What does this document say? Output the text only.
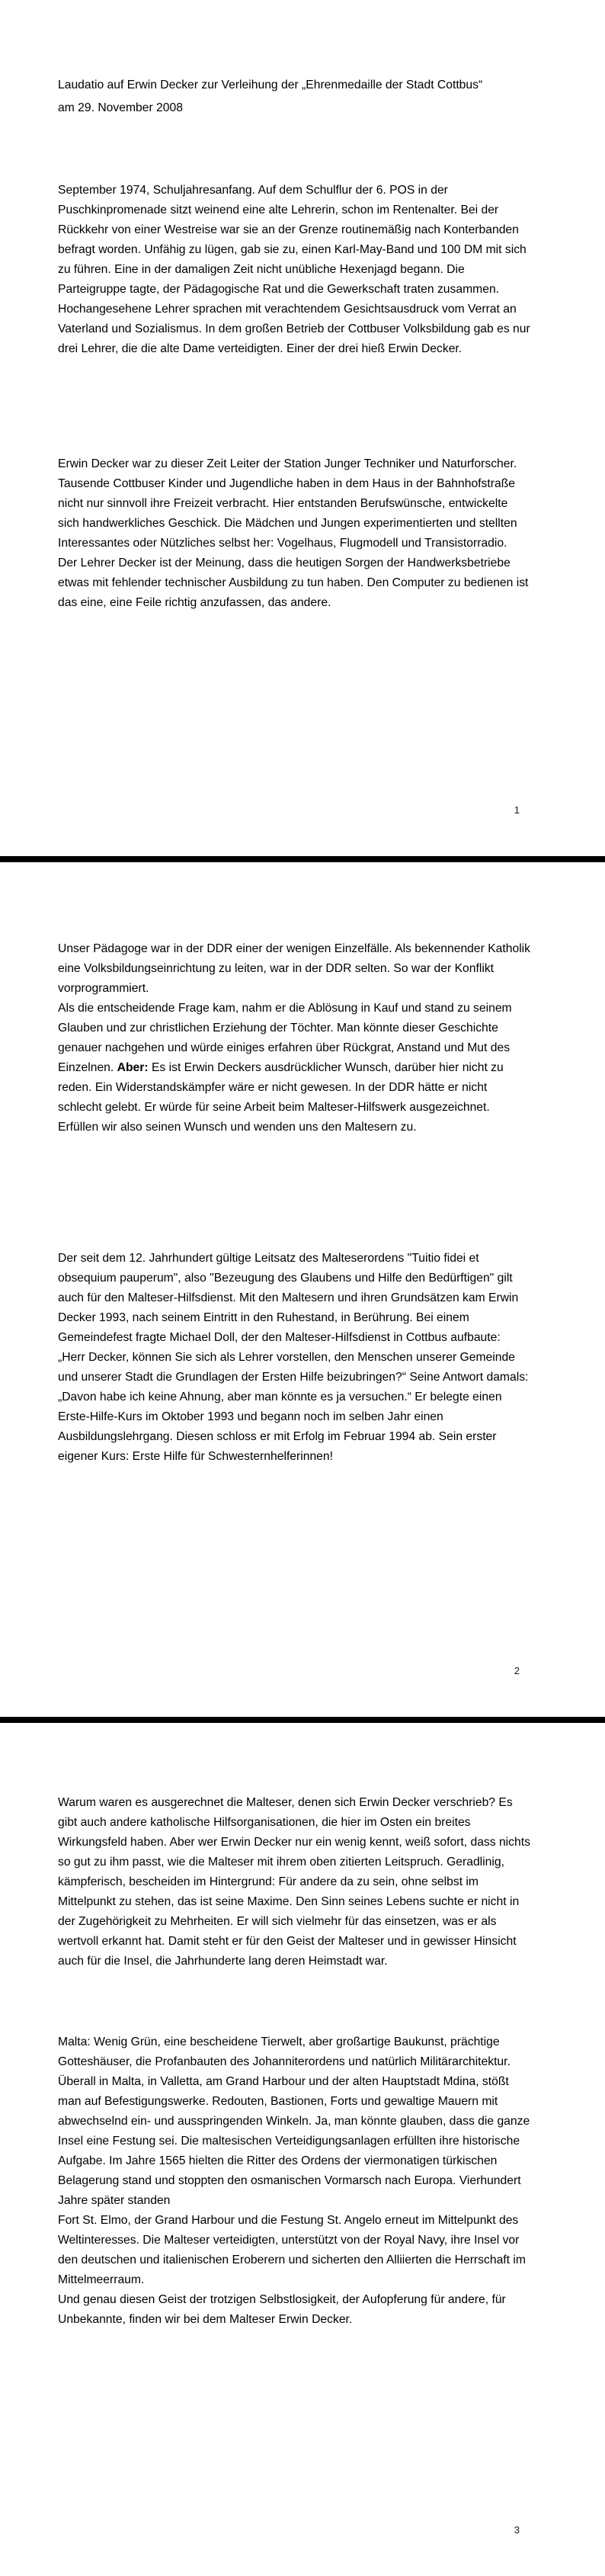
Laudatio auf Erwin Decker zur Verleihung der „Ehrenmedaille der Stadt Cottbus“

am 29. November 2008

September 1974, Schuljahresanfang. Auf dem Schulflur der 6. POS in der Puschkinpromenade sitzt weinend eine alte Lehrerin, schon im Rentenalter. Bei der Rückkehr von einer Westreise war sie an der Grenze routinemäßig nach Konterbanden befragt worden. Unfähig zu lügen, gab sie zu, einen Karl-May-Band und 100 DM mit sich zu führen. Eine in der damaligen Zeit nicht unübliche Hexenjagd begann. Die Parteigruppe tagte, der Pädagogische Rat und die Gewerkschaft traten zusammen. Hochangesehene Lehrer sprachen mit verachtendem Gesichtsausdruck vom Verrat an Vaterland und Sozialismus. In dem großen Betrieb der Cottbuser Volksbildung gab es nur drei Lehrer, die die alte Dame verteidigten. Einer der drei hieß Erwin Decker.

Erwin Decker war zu dieser Zeit Leiter der Station Junger Techniker und Naturforscher. Tausende Cottbuser Kinder und Jugendliche haben in dem Haus in der Bahnhofstraße nicht nur sinnvoll ihre Freizeit verbracht. Hier entstanden Berufswünsche, entwickelte sich handwerkliches Geschick. Die Mädchen und Jungen experimentierten und stellten Interessantes oder Nützliches selbst her: Vogelhaus, Flugmodell und Transistorradio.

Der Lehrer Decker ist der Meinung, dass die heutigen Sorgen der Handwerksbetriebe etwas mit fehlender technischer Ausbildung zu tun haben. Den Computer zu bedienen ist das eine, eine Feile richtig anzufassen, das andere.

1

Unser Pädagoge war in der DDR einer der wenigen Einzelfälle. Als bekennender Katholik eine Volksbildungseinrichtung zu leiten, war in der DDR selten. So war der Konflikt vorprogrammiert.

Als die entscheidende Frage kam, nahm er die Ablösung in Kauf und stand zu seinem Glauben und zur christlichen Erziehung der Töchter. Man könnte dieser Geschichte genauer nachgehen und würde einiges erfahren über Rückgrat, Anstand und Mut des Einzelnen. Aber: Es ist Erwin Deckers ausdrücklicher Wunsch, darüber hier nicht zu reden. Ein Widerstandskämpfer wäre er nicht gewesen. In der DDR hätte er nicht schlecht gelebt. Er würde für seine Arbeit beim Malteser-Hilfswerk ausgezeichnet. Erfüllen wir also seinen Wunsch und wenden uns den Maltesern zu.

Der seit dem 12. Jahrhundert gültige Leitsatz des Malteserordens "Tuitio fidei et obsequium pauperum", also "Bezeugung des Glaubens und Hilfe den Bedürftigen" gilt auch für den Malteser-Hilfsdienst. Mit den Maltesern und ihren Grundsätzen kam Erwin Decker 1993, nach seinem Eintritt in den Ruhestand, in Berührung. Bei einem Gemeindefest fragte Michael Doll, der den Malteser-Hilfsdienst in Cottbus aufbaute: „Herr Decker, können Sie sich als Lehrer vorstellen, den Menschen unserer Gemeinde und unserer Stadt die Grundlagen der Ersten Hilfe beizubringen?“ Seine Antwort damals: „Davon habe ich keine Ahnung, aber man könnte es ja versuchen.“ Er belegte einen Erste-Hilfe-Kurs im Oktober 1993 und begann noch im selben Jahr einen Ausbildungslehrgang. Diesen schloss er mit Erfolg im Februar 1994 ab. Sein erster eigener Kurs: Erste Hilfe für Schwesternhelferinnen!

2

Warum waren es ausgerechnet die Malteser, denen sich Erwin Decker verschrieb? Es gibt auch andere katholische Hilfsorganisationen, die hier im Osten ein breites Wirkungsfeld haben. Aber wer Erwin Decker nur ein wenig kennt, weiß sofort, dass nichts so gut zu ihm passt, wie die Malteser mit ihrem oben zitierten Leitspruch. Geradlinig, kämpferisch, bescheiden im Hintergrund: Für andere da zu sein, ohne selbst im Mittelpunkt zu stehen, das ist seine Maxime. Den Sinn seines Lebens suchte er nicht in der Zugehörigkeit zu Mehrheiten. Er will sich vielmehr für das einsetzen, was er als wertvoll erkannt hat. Damit steht er für den Geist der Malteser und in gewisser Hinsicht auch für die Insel, die Jahrhunderte lang deren Heimstadt war.

Malta: Wenig Grün, eine bescheidene Tierwelt, aber großartige Baukunst, prächtige Gotteshäuser, die Profanbauten des Johanniterordens und natürlich Militärarchitektur. Überall in Malta, in Valletta, am Grand Harbour und der alten Hauptstadt Mdina, stößt man auf Befestigungswerke. Redouten, Bastionen, Forts und gewaltige Mauern mit abwechselnd ein- und ausspringenden Winkeln. Ja, man könnte glauben, dass die ganze Insel eine Festung sei. Die maltesischen Verteidigungsanlagen erfüllten ihre historische Aufgabe. Im Jahre 1565 hielten die Ritter des Ordens der viermonatigen türkischen Belagerung stand und stoppten den osmanischen Vormarsch nach Europa. Vierhundert Jahre später standen

Fort St. Elmo, der Grand Harbour und die Festung St. Angelo erneut im Mittelpunkt des Weltinteresses. Die Malteser verteidigten, unterstützt von der Royal Navy, ihre Insel vor den deutschen und italienischen Eroberern und sicherten den Alliierten die Herrschaft im Mittelmeerraum.

Und genau diesen Geist der trotzigen Selbstlosigkeit, der Aufopferung für andere, für Unbekannte, finden wir bei dem Malteser Erwin Decker.

3
